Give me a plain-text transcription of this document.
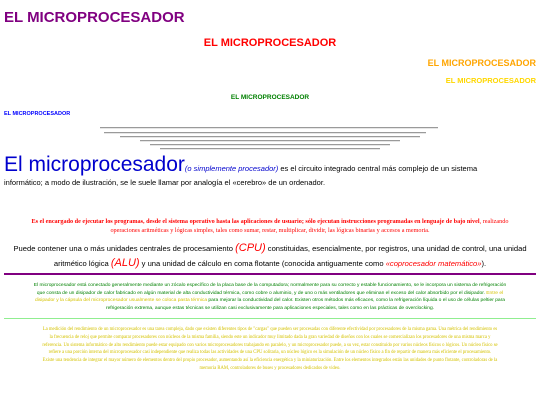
EL MICROPROCESADOR
EL MICROPROCESADOR
EL MICROPROCESADOR
EL MICROPROCESADOR
EL MICROPROCESADOR
EL MICROPROCESADOR
El microprocesador(o simplemente procesador) es el circuito integrado central más complejo de un sistema
informático; a modo de ilustración, se le suele llamar por analogía el «cerebro» de un ordenador.
Es el encargado de ejecutar los programas, desde el sistema operativo hasta las aplicaciones de usuario; sólo ejecutan instrucciones programadas en lenguaje de bajo nivel, realizando
operaciones aritméticas y lógicas simples, tales como sumar, restar, multiplicar, dividir, las lógicas binarias y accesos a memoria.
Puede contener una o más unidades centrales de procesamiento (CPU) constituidas, esencialmente, por registros, una unidad de control, una unidad
aritmético lógica (ALU) y una unidad de cálculo en coma flotante (conocida antiguamente como «coprocesador matemático»).
El microprocesador está conectado generalmente mediante un zócalo específico de la placa base de la computadora; normalmente para su correcto y estable funcionamiento, se le incorpora un sistema de refrigeración
que consta de un disipador de calor fabricado en algún material de alta conductividad térmica, como cobre o aluminio, y de uno o más ventiladores que eliminan el exceso del calor absorbido por el disipador. Entre el
disipador y la cápsula del microprocesador usualmente se coloca pasta térmica para mejorar la conductividad del calor. Existen otros métodos más eficaces, como la refrigeración líquida o el uso de células peltier para
refrigeración extrema, aunque estas técnicas se utilizan casi exclusivamente para aplicaciones especiales, tales como en las prácticas de overclocking.
La medición del rendimiento de un microprocesador es una tarea compleja, dado que existen diferentes tipos de "cargas" que pueden ser procesadas con diferente efectividad por procesadores de la misma gama. Una métrica del rendimiento es
la frecuencia de reloj que permite comparar procesadores con núcleos de la misma familia, siendo este un indicador muy limitado dada la gran variedad de diseños con los cuales se comercializan los procesadores de una misma marca y
referencia. Un sistema informático de alto rendimiento puede estar equipado con varios microprocesadores trabajando en paralelo, y un microprocesador puede, a su vez, estar constituido por varios núcleos físicos o lógicos. Un núcleo físico se
refiere a una porción interna del microprocesador casi independiente que realiza todas las actividades de una CPU solitaria, un núcleo lógico es la simulación de un núcleo físico a fin de repartir de manera más eficiente el procesamiento.
Existe una tendencia de integrar el mayor número de elementos dentro del propio procesador, aumentando así la eficiencia energética y la miniaturización. Entre los elementos integrados están las unidades de punto flotante, controladoras de la
memoria RAM, controladores de buses y procesadores dedicados de video.
